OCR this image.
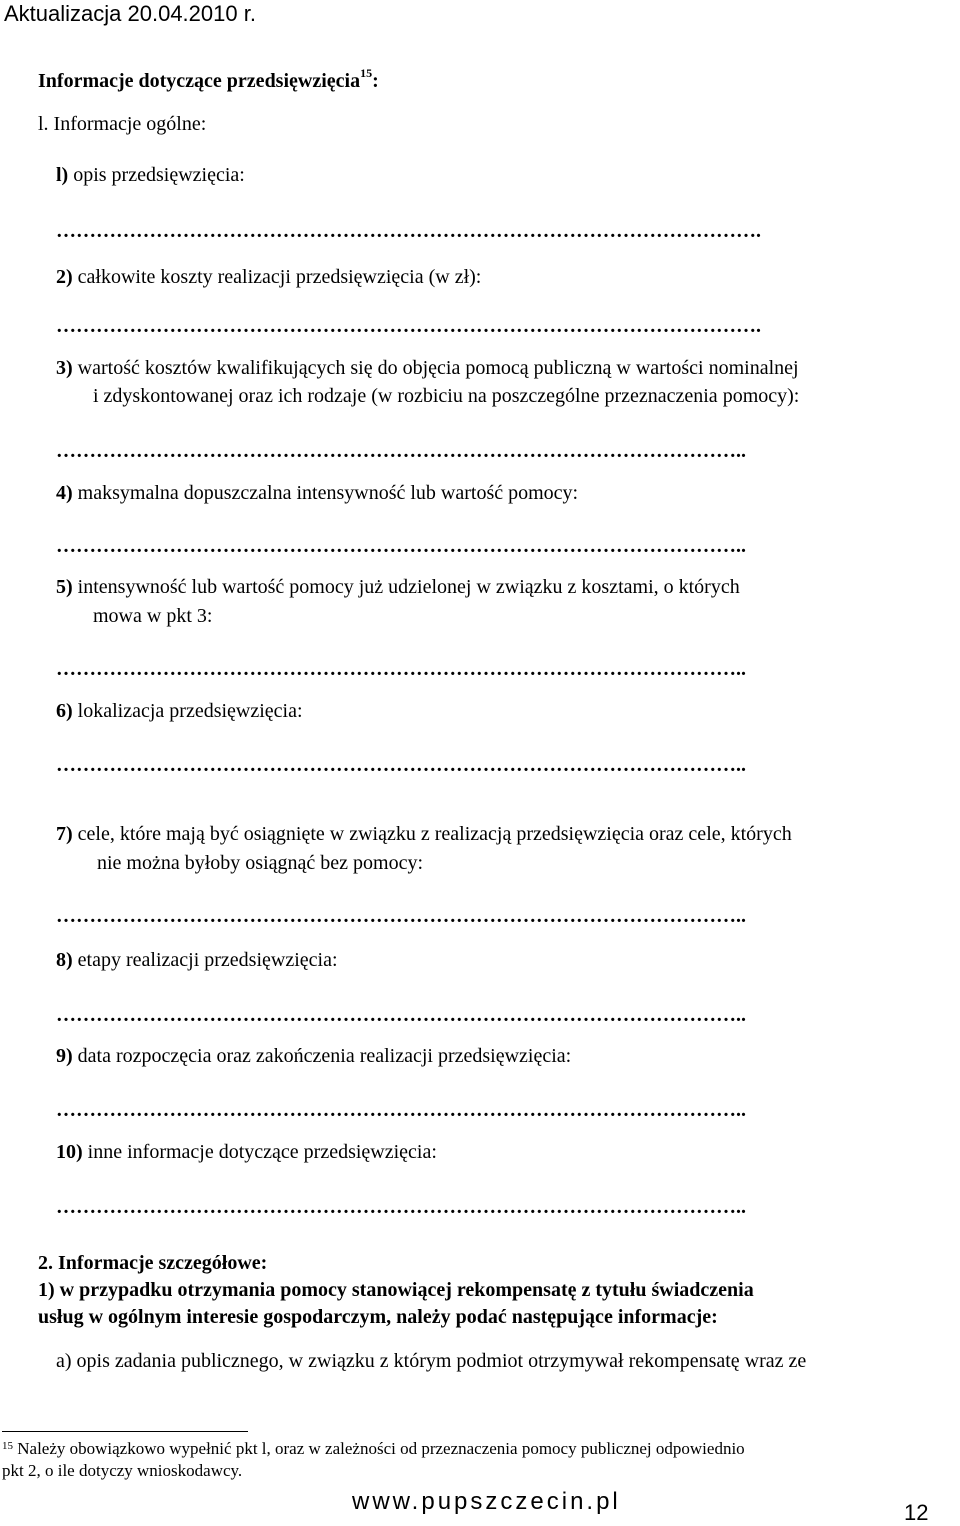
Aktualizacja 20.04.2010 r.
Informacje dotyczące przedsięwzięcia$^{15}$:
l. Informacje ogólne:
l) opis przedsięwzięcia:
…………………………………………………………………………………………….
2) całkowite koszty realizacji przedsięwzięcia (w zł):
…………………………………………………………………………………………….
3) wartość kosztów kwalifikujących się do objęcia pomocą publiczną w wartości nominalnej
i zdyskontowanej oraz ich rodzaje (w rozbiciu na poszczególne przeznaczenia pomocy):
…………………………………………………………………………………………..
4) maksymalna dopuszczalna intensywność lub wartość pomocy:
…………………………………………………………………………………………..
5) intensywność lub wartość pomocy już udzielonej w związku z kosztami, o których
mowa w pkt 3:
…………………………………………………………………………………………..
6) lokalizacja przedsięwzięcia:
…………………………………………………………………………………………..
7) cele, które mają być osiągnięte w związku z realizacją przedsięwzięcia oraz cele, których
nie można byłoby osiągnąć bez pomocy:
…………………………………………………………………………………………..
8) etapy realizacji przedsięwzięcia:
…………………………………………………………………………………………..
9) data rozpoczęcia oraz zakończenia realizacji przedsięwzięcia:
…………………………………………………………………………………………..
10) inne informacje dotyczące przedsięwzięcia:
…………………………………………………………………………………………..
2. Informacje szczegółowe:
1) w przypadku otrzymania pomocy stanowiącej rekompensatę z tytułu świadczenia
usług w ogólnym interesie gospodarczym, należy podać następujące informacje:
a) opis zadania publicznego, w związku z którym podmiot otrzymywał rekompensatę wraz ze
$^{15}$ Należy obowiązkowo wypełnić pkt l, oraz w zależności od przeznaczenia pomocy publicznej odpowiednio
pkt 2, o ile dotyczy wnioskodawcy.
www.pupszczecin.pl	12
